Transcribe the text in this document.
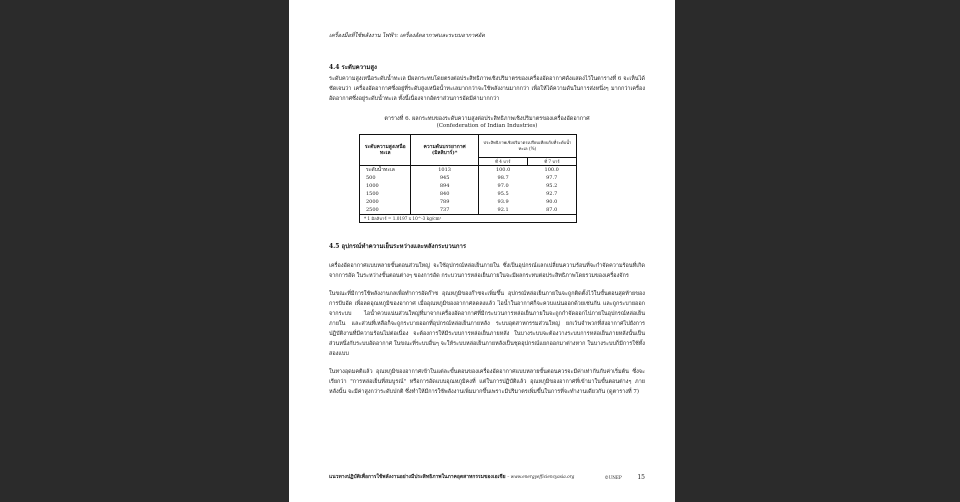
เครื่องมือที่ใช้พลังงาน ไฟฟ้า: เครื่องอัดอากาศและระบบอากาศอัด

4.4 ระดับความสูง

ระดับความสูงเหนือระดับน้ำทะเล มีผลกระทบโดยตรงต่อประสิทธิภาพเชิงปริมาตรของเครื่องอัดอากาศดังแสดงไว้ในตารางที่ 6 จะเห็นได้ชัดเจนว่า เครื่องอัดอากาศซึ่งอยู่ที่ระดับสูงเหนือน้ำทะเลมากกว่าจะใช้พลังงานมากกว่า เพื่อให้ได้ความดันในการส่งหนึ่งๆ มากกว่าเครื่องอัดอากาศซึ่งอยู่ระดับน้ำทะเล ทั้งนี้เนื่องจากอัตราส่วนการอัดมีค่ามากกว่า

ตารางที่ 6. ผลกระทบของระดับความสูงต่อประสิทธิภาพเชิงปริมาตรของเครื่องอัดอากาศ

(Confederation of Indian Industries)

ระดับความสูงเหนือทะเล	ความดันบรรยากาศ (มิลลิบาร์)*	ประสิทธิภาพเชิงปริมาตรเปรียบเทียบกับที่ระดับน้ำทะเล (%)	
		ที่ 4 บาร์	ที่ 7 บาร์
ระดับน้ำทะเล	1013	100.0	100.0
500	945	98.7	97.7
1000	894	97.0	95.2
1500	840	95.5	92.7
2000	789	93.9	90.0
2500	737	92.1	87.0
* 1 มิลลิบาร์ = 1.0197 x 10^-3 kg/cm²			

4.5 อุปกรณ์ทำความเย็นระหว่างและหลังกระบวนการ

เครื่องอัดอากาศแบบหลายขั้นตอนส่วนใหญ่ จะใช้อุปกรณ์หล่อเย็นภายใน ซึ่งเป็นอุปกรณ์แลกเปลี่ยนความร้อนที่จะกำจัดความร้อนที่เกิดจากการอัด ในระหว่างขั้นตอนต่างๆ ของการอัด กระบวนการหล่อเย็นภายในจะมีผลกระทบต่อประสิทธิภาพโดยรวมของเครื่องจักร

ในขณะที่มีการใช้พลังงานกลเพื่อทำการอัดก๊าซ อุณหภูมิของก๊าซจะเพิ่มขึ้น อุปกรณ์หล่อเย็นภายในจะถูกติดตั้งไว้ในขั้นตอนสุดท้ายของการบีบอัด เพื่อลดอุณหภูมิของอากาศ เมื่ออุณหภูมิของอากาศลดลงแล้ว ไอน้ำในอากาศก็จะควบแน่นออกด้วยเช่นกัน และถูกระบายออกจากระบบ ไอน้ำควบแน่นส่วนใหญ่ที่มาจากเครื่องอัดอากาศที่มีกระบวนการหล่อเย็นภายในจะถูกกำจัดออกไปภายในอุปกรณ์หล่อเย็นภายใน และส่วนที่เหลือก็จะถูกระบายออกที่อุปกรณ์หล่อเย็นภายหลัง ระบบอุตสาหกรรมส่วนใหญ่ ยกเว้นจำพวกที่ส่งอากาศไปยังการปฏิบัติงานที่มีความร้อนไม่ต่อเนื่อง จะต้องการให้มีระบบการหล่อเย็นภายหลัง ในบางระบบจะต้องวางระบบการหล่อเย็นภายหลังนั้นเป็นส่วนหนึ่งกับระบบอัดอากาศ ในขณะที่ระบบอื่นๆ จะให้ระบบหล่อเย็นภายหลังเป็นชุดอุปกรณ์แยกออกมาต่างหาก ในบางระบบก็มีการใช้ทั้งสองแบบ

ในทางอุดมคติแล้ว อุณหภูมิของอากาศเข้าในแต่ละขั้นตอนของเครื่องอัดอากาศแบบหลายขั้นตอนควรจะมีค่าเท่ากันกับค่าเริ่มต้น ซึ่งจะเรียกว่า "การหล่อเย็นที่สมบูรณ์" หรือการอัดแบบอุณหภูมิคงที่ แต่ในการปฏิบัติแล้ว อุณหภูมิของอากาศที่เข้ามาในขั้นตอนต่างๆ ภายหลังนั้น จะมีค่าสูงกว่าระดับปกติ ซึ่งทำให้มีการใช้พลังงานเพิ่มมากขึ้นเพราะมีปริมาตรเพิ่มขึ้นในการที่จะทำงานเดียวกัน (ดูตารางที่ 7)

แนวทางปฏิบัติเพื่อการใช้พลังงานอย่างมีประสิทธิภาพในภาคอุตสาหกรรมของเอเชีย – www.energyefficiencyasia.org	©UNEP	15
